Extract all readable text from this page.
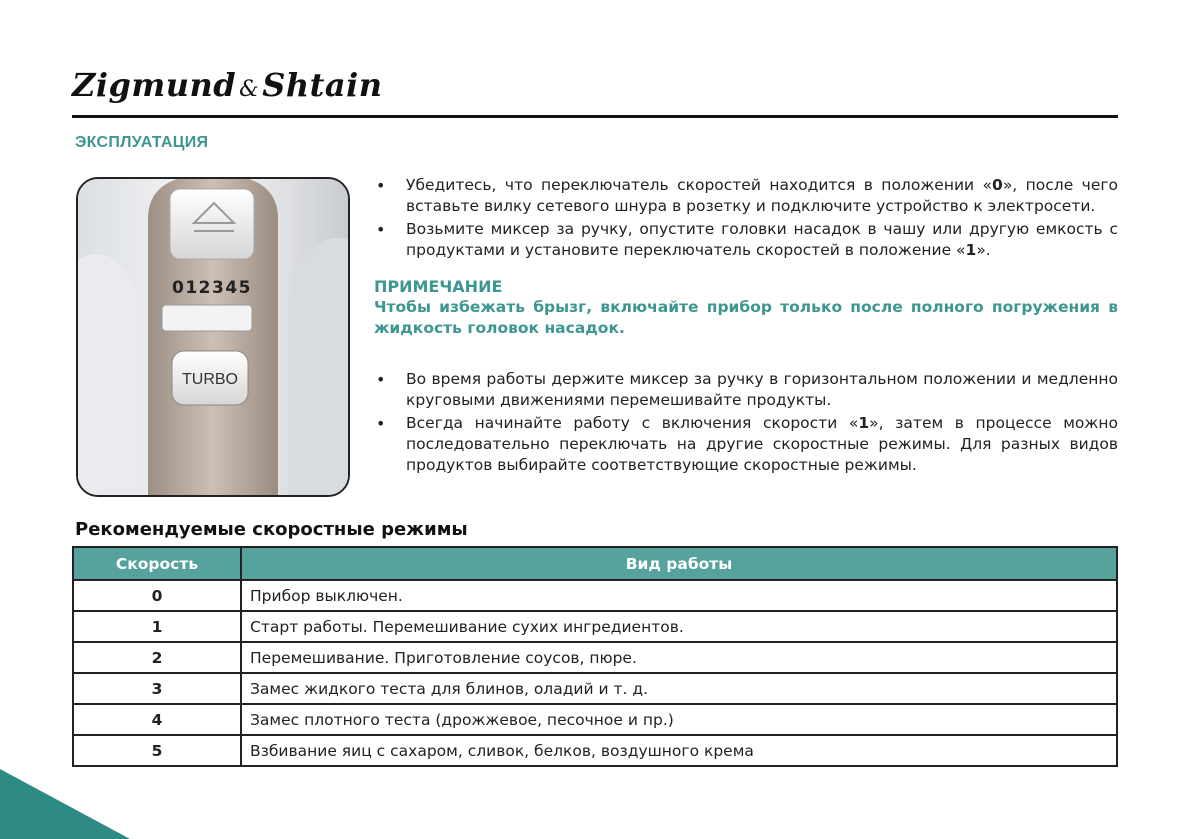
Zigmund &Shtain
ЭКСПЛУАТАЦИЯ
012345
TURBO
• Убедитесь, что переключатель скоростей находится в положении «0», после чего вставьте вилку сетевого шнура в розетку и подключите устройство к электросети.
• Возьмите миксер за ручку, опустите головки насадок в чашу или другую емкость с продуктами и установите переключатель скоростей в положение «1».
ПРИМЕЧАНИЕ
Чтобы избежать брызг, включайте прибор только после полного погружения в жидкость головок насадок.
• Во время работы держите миксер за ручку в горизонтальном положении и медленно круговыми движениями перемешивайте продукты.
• Всегда начинайте работу с включения скорости «1», затем в процессе можно последовательно переключать на другие скоростные режимы. Для разных видов продуктов выбирайте соответствующие скоростные режимы.
Рекомендуемые скоростные режимы
Скорость	Вид работы
0	Прибор выключен.
1	Старт работы. Перемешивание сухих ингредиентов.
2	Перемешивание. Приготовление соусов, пюре.
3	Замес жидкого теста для блинов, оладий и т. д.
4	Замес плотного теста (дрожжевое, песочное и пр.)
5	Взбивание яиц с сахаром, сливок, белков, воздушного крема
